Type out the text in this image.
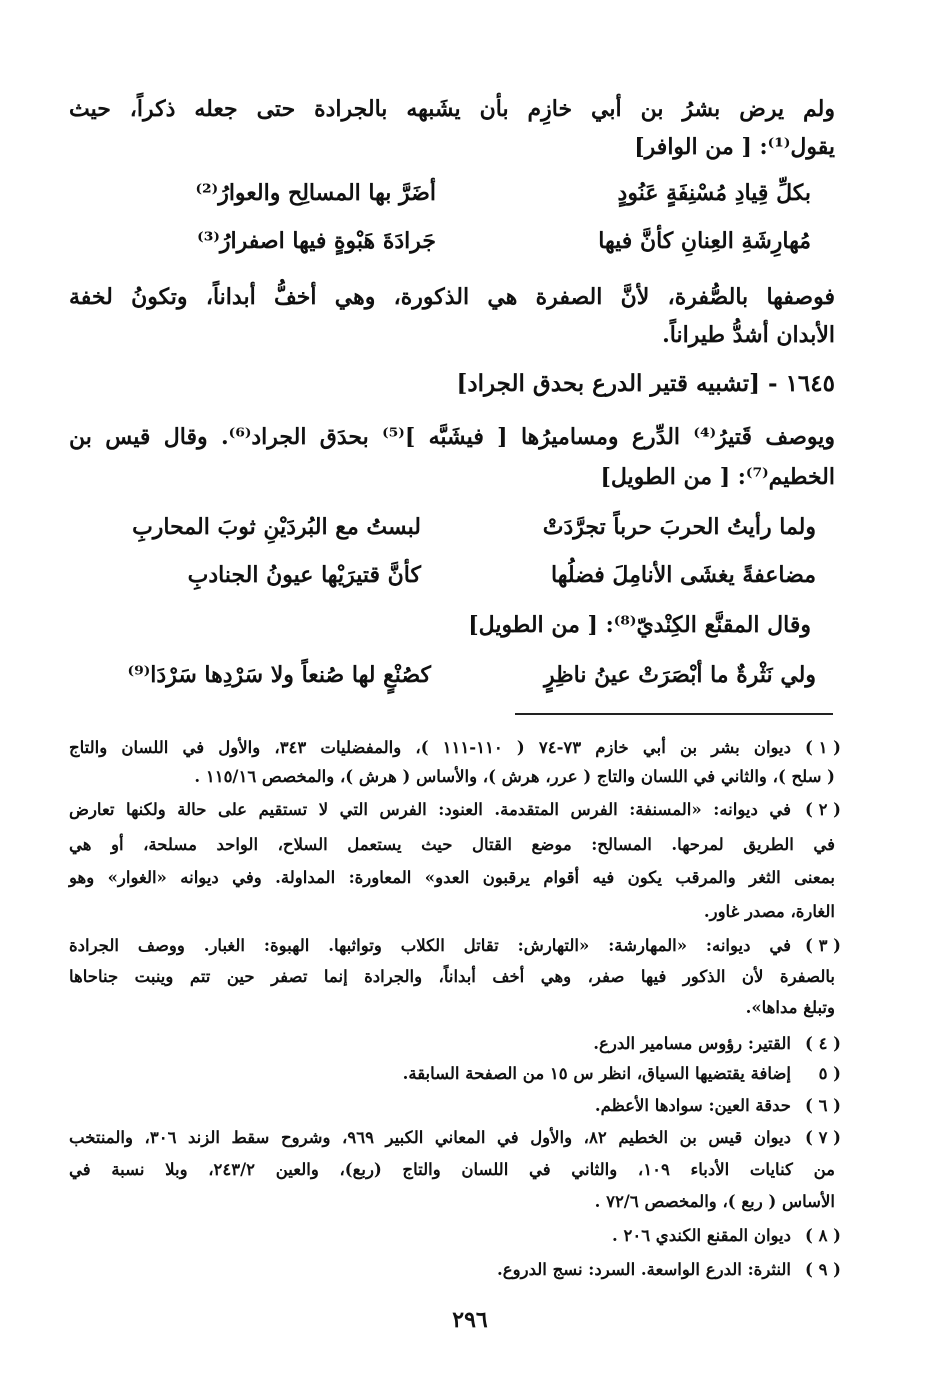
ولم يرض بشرُ بن أبي خازِم بأن يشَبهه بالجرادة حتى جعله ذكراً، حيث
يقول⁽¹⁾: [ من الوافر]
بكلِّ قِيادِ مُسْنِفَةٍ عَنُودٍ
أضَرَّ بها المسالِح والعوارُ⁽²⁾
مُهارِشَةِ العِنانِ كأنَّ فيها
جَرادَةَ هَبْوةٍ فيها اصفرارُ⁽³⁾
فوصفها بالصُّفرة، لأنَّ الصفرة هي الذكورة، وهي أخفُّ أبداناً، وتكونُ لخفة
الأبدان أشدُّ طيراناً.
١٦٤٥ - [تشبيه قتير الدرع بحدق الجراد]
ويوصف قَتيرُ⁽⁴⁾ الدِّرع ومساميرُها [ فيشَبَّه ]⁽⁵⁾ بحدَق الجراد⁽⁶⁾. وقال قيس بن
الخطيم⁽⁷⁾: [ من الطويل]
ولما رأيتُ الحربَ حرباً تجرَّدَتْ
لبستُ مع البُردَيْنِ ثوبَ المحاربِ
مضاعفةً يغشَى الأنامِلَ فضلُها
كأنَّ قتيرَيْها عيونُ الجنادبِ
وقال المقنَّع الكِنْديّ⁽⁸⁾: [ من الطويل]
ولي نَثْرةٌ ما أبْصَرَتْ عينُ ناظِرٍ
كصُنْعٍ لها صُنعاً ولا سَرْدِها سَرْدَا⁽⁹⁾
( ١ )
ديوان بشر بن أبي خازم ٧٣-٧٤ ( ١١٠-١١١ )، والمفضليات ٣٤٣، والأول في اللسان والتاج
( سلح )، والثاني في اللسان والتاج ( عرر، هرش )، والأساس ( هرش )، والمخصص ١١٥/١٦ .
( ٢ )
في ديوانه: «المسنفة: الفرس المتقدمة. العنود: الفرس التي لا تستقيم على حالة ولكنها تعارض
في الطريق لمرحها. المسالح: موضع القتال حيث يستعمل السلاح، الواحد مسلحة، أو هي
بمعنى الثغر والمرقب يكون فيه أقوام يرقبون العدو» المعاورة: المداولة. وفي ديوانه «الغوار» وهو
الغارة، مصدر غاور.
( ٣ )
في ديوانه: «المهارشة: «التهارش: تقاتل الكلاب وتواثبها. الهبوة: الغبار. ووصف الجرادة
بالصفرة لأن الذكور فيها صفر، وهي أخف أبداناً، والجرادة إنما تصفر حين تتم وينبت جناحاها
وتبلغ مداها».
( ٤ )
القتير: رؤوس مسامير الدرع.
( ٥
إضافة يقتضيها السياق، انظر س ١٥ من الصفحة السابقة.
( ٦ )
حدقة العين: سوادها الأعظم.
( ٧ )
ديوان قيس بن الخطيم ٨٢، والأول في المعاني الكبير ٩٦٩، وشروح سقط الزند ٣٠٦، والمنتخب
من كنايات الأدباء ١٠٩، والثاني في اللسان والتاج (ربع)، والعين ٢٤٣/٢، وبلا نسبة في
الأساس ( ربع )، والمخصص ٧٢/٦ .
( ٨ )
ديوان المقنع الكندي ٢٠٦ .
( ٩ )
النثرة: الدرع الواسعة. السرد: نسج الدروع.
٢٩٦
